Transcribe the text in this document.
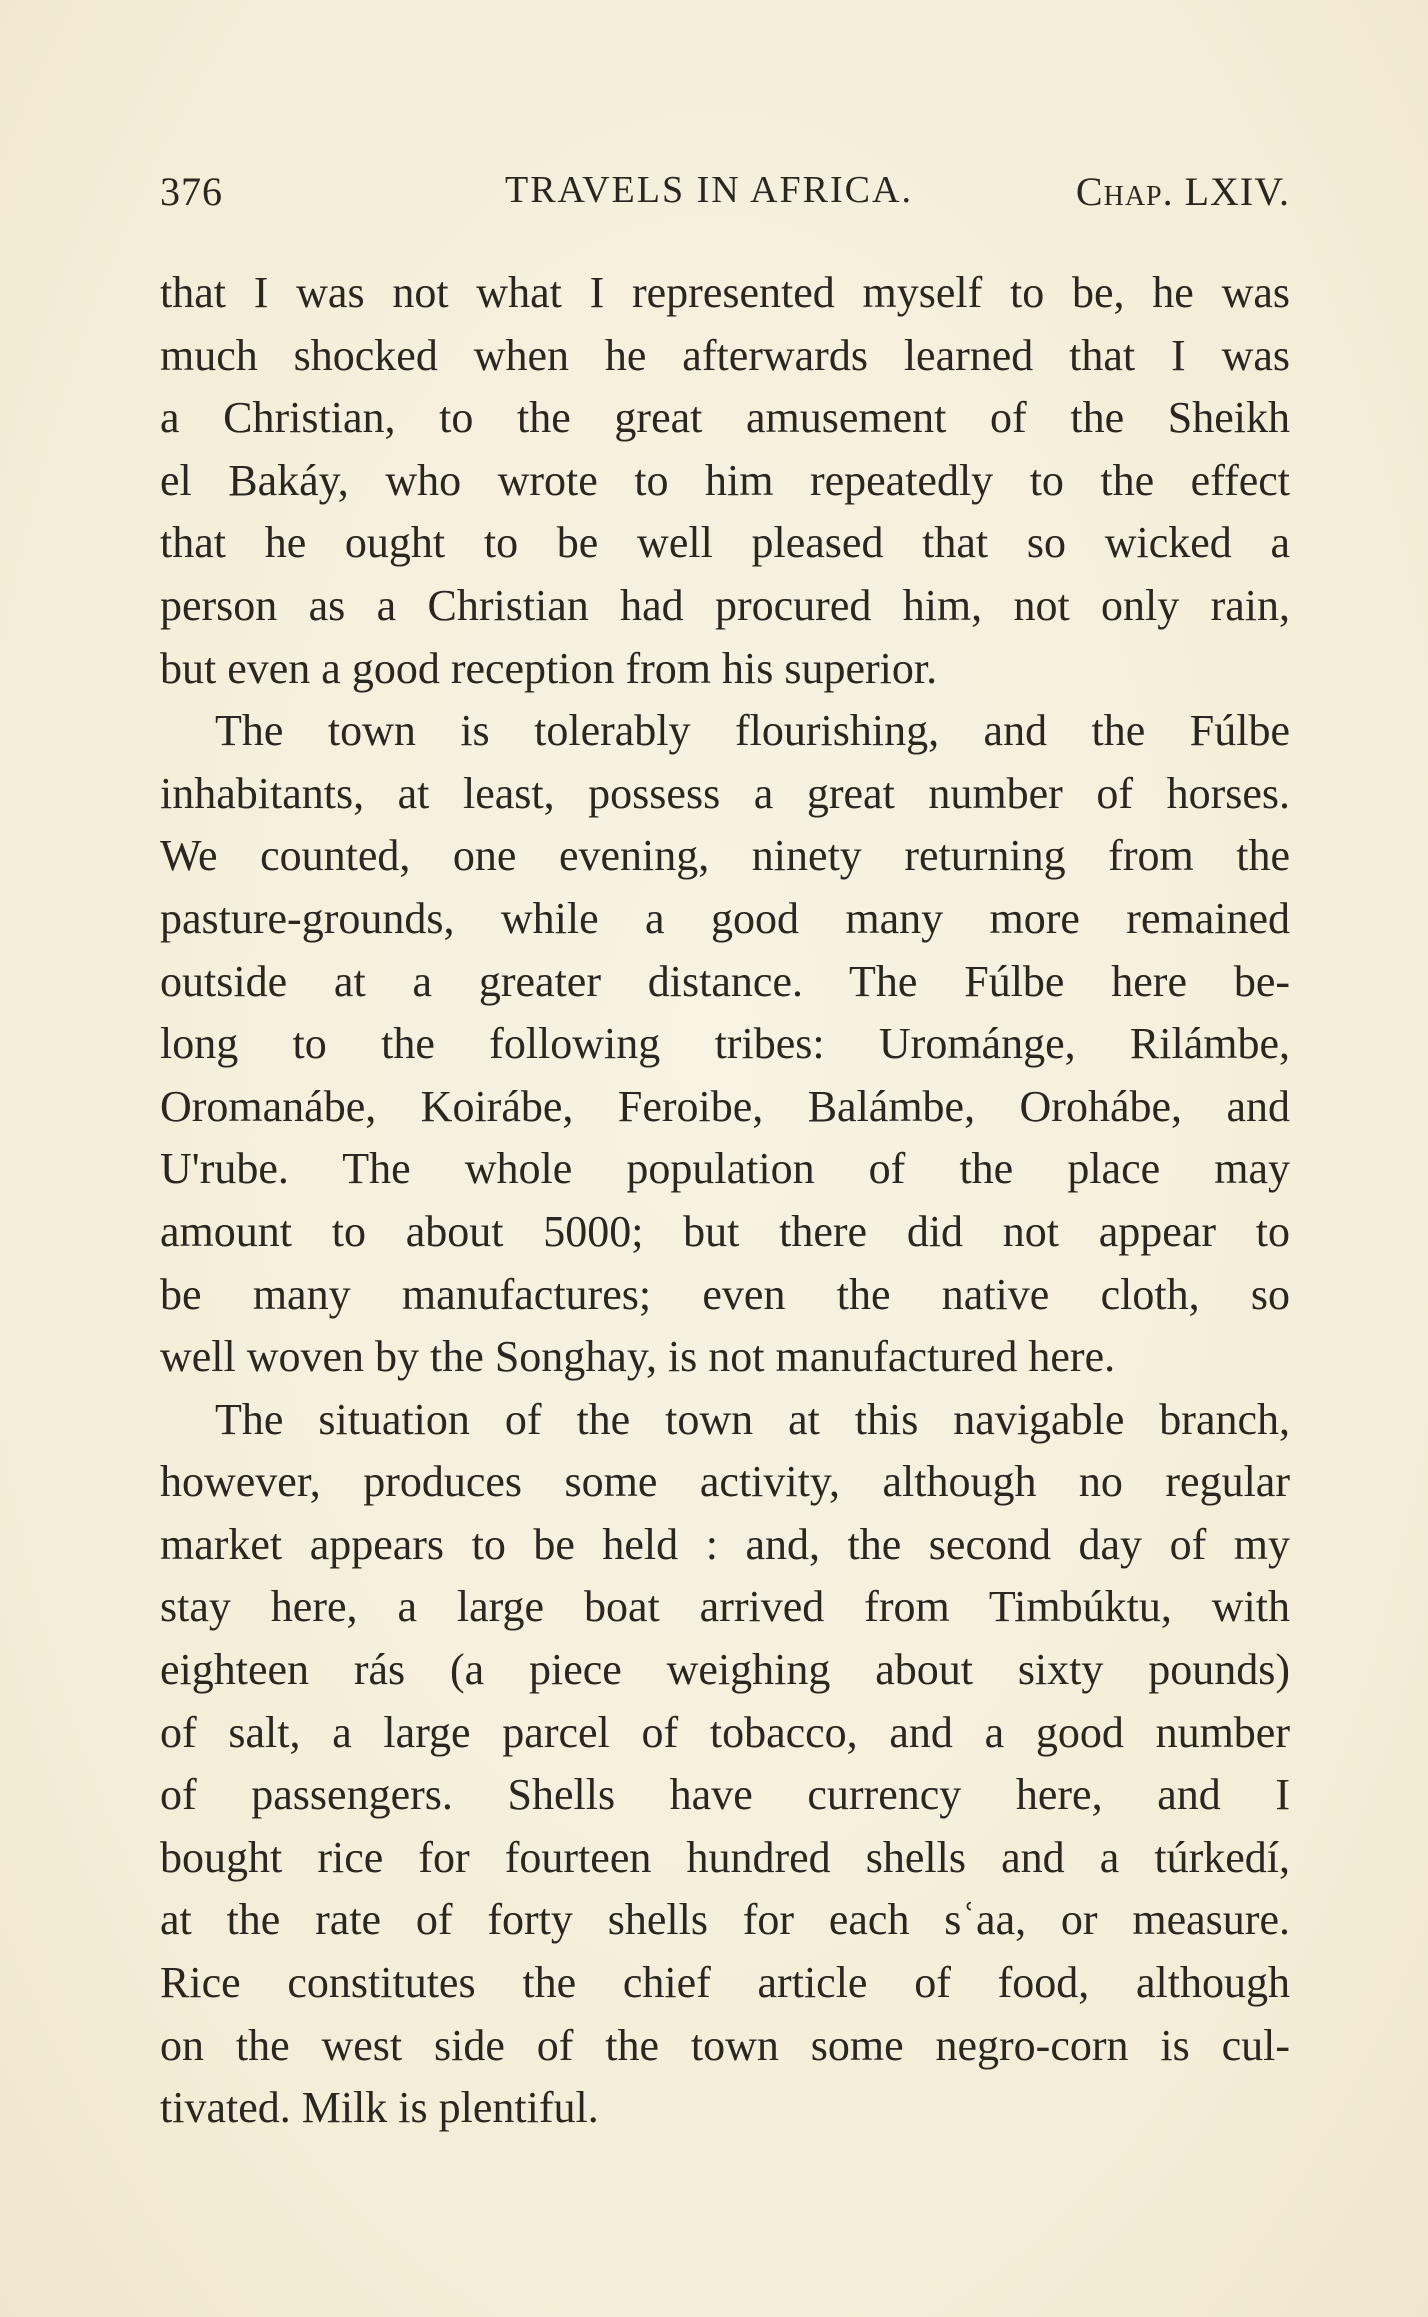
376	TRAVELS IN AFRICA.	Chap. LXIV.
that I was not what I represented myself to be, he was
much shocked when he afterwards learned that I was
a Christian, to the great amusement of the Sheikh
el Bakáy, who wrote to him repeatedly to the effect
that he ought to be well pleased that so wicked a
person as a Christian had procured him, not only rain,
but even a good reception from his superior.
The town is tolerably flourishing, and the Fúlbe
inhabitants, at least, possess a great number of horses.
We counted, one evening, ninety returning from the
pasture-grounds, while a good many more remained
outside at a greater distance. The Fúlbe here be-
long to the following tribes: Urománge, Rilámbe,
Oromanábe, Koirábe, Feroibe, Balámbe, Orohábe, and
U'rube. The whole population of the place may
amount to about 5000; but there did not appear to
be many manufactures; even the native cloth, so
well woven by the Songhay, is not manufactured here.
The situation of the town at this navigable branch,
however, produces some activity, although no regular
market appears to be held : and, the second day of my
stay here, a large boat arrived from Timbúktu, with
eighteen rás (a piece weighing about sixty pounds)
of salt, a large parcel of tobacco, and a good number
of passengers. Shells have currency here, and I
bought rice for fourteen hundred shells and a túrkedí,
at the rate of forty shells for each sʿaa, or measure.
Rice constitutes the chief article of food, although
on the west side of the town some negro-corn is cul-
tivated. Milk is plentiful.
